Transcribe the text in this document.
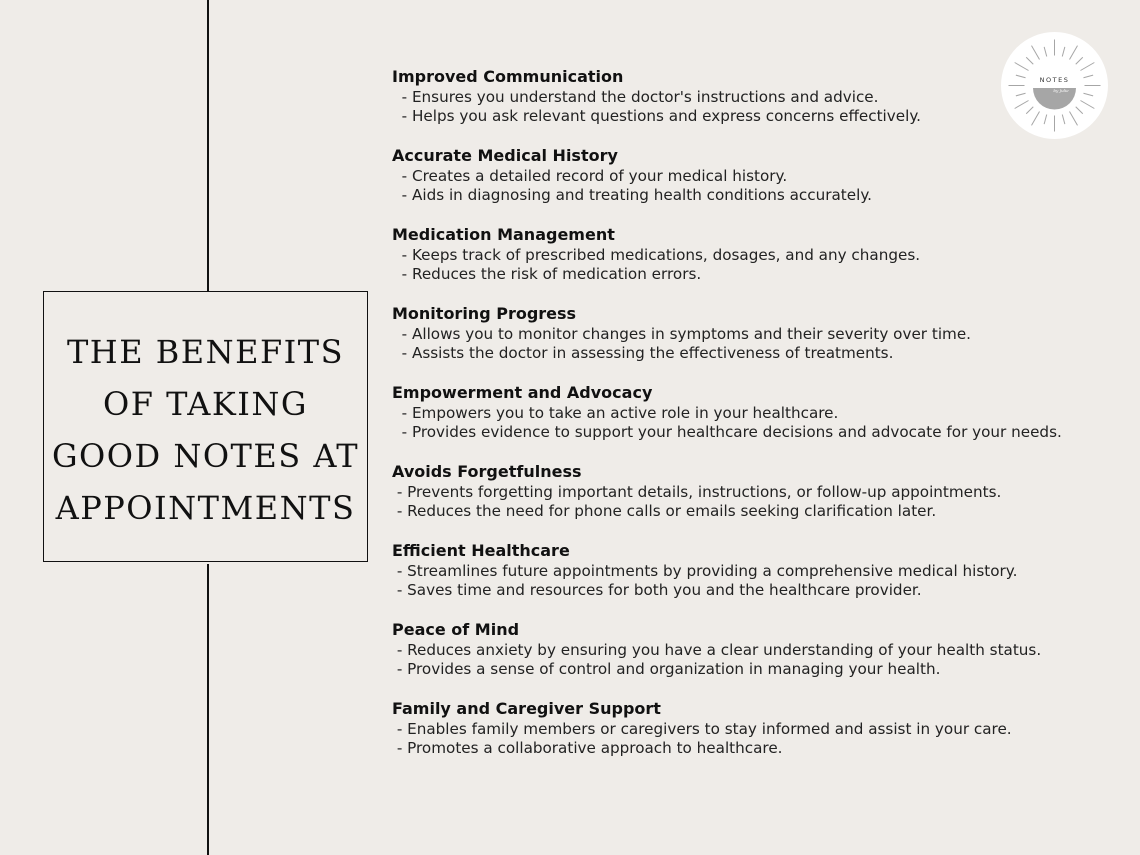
THE BENEFITS
OF TAKING
GOOD NOTES AT
APPOINTMENTS
NOTES
by Julie

Improved Communication

- Ensures you understand the doctor's instructions and advice.

- Helps you ask relevant questions and express concerns effectively.

Accurate Medical History

- Creates a detailed record of your medical history.

- Aids in diagnosing and treating health conditions accurately.

Medication Management

- Keeps track of prescribed medications, dosages, and any changes.

- Reduces the risk of medication errors.

Monitoring Progress

- Allows you to monitor changes in symptoms and their severity over time.

- Assists the doctor in assessing the effectiveness of treatments.

Empowerment and Advocacy

- Empowers you to take an active role in your healthcare.

- Provides evidence to support your healthcare decisions and advocate for your needs.

Avoids Forgetfulness

- Prevents forgetting important details, instructions, or follow-up appointments.

- Reduces the need for phone calls or emails seeking clarification later.

Efficient Healthcare

- Streamlines future appointments by providing a comprehensive medical history.

- Saves time and resources for both you and the healthcare provider.

Peace of Mind

- Reduces anxiety by ensuring you have a clear understanding of your health status.

- Provides a sense of control and organization in managing your health.

Family and Caregiver Support

- Enables family members or caregivers to stay informed and assist in your care.

- Promotes a collaborative approach to healthcare.
